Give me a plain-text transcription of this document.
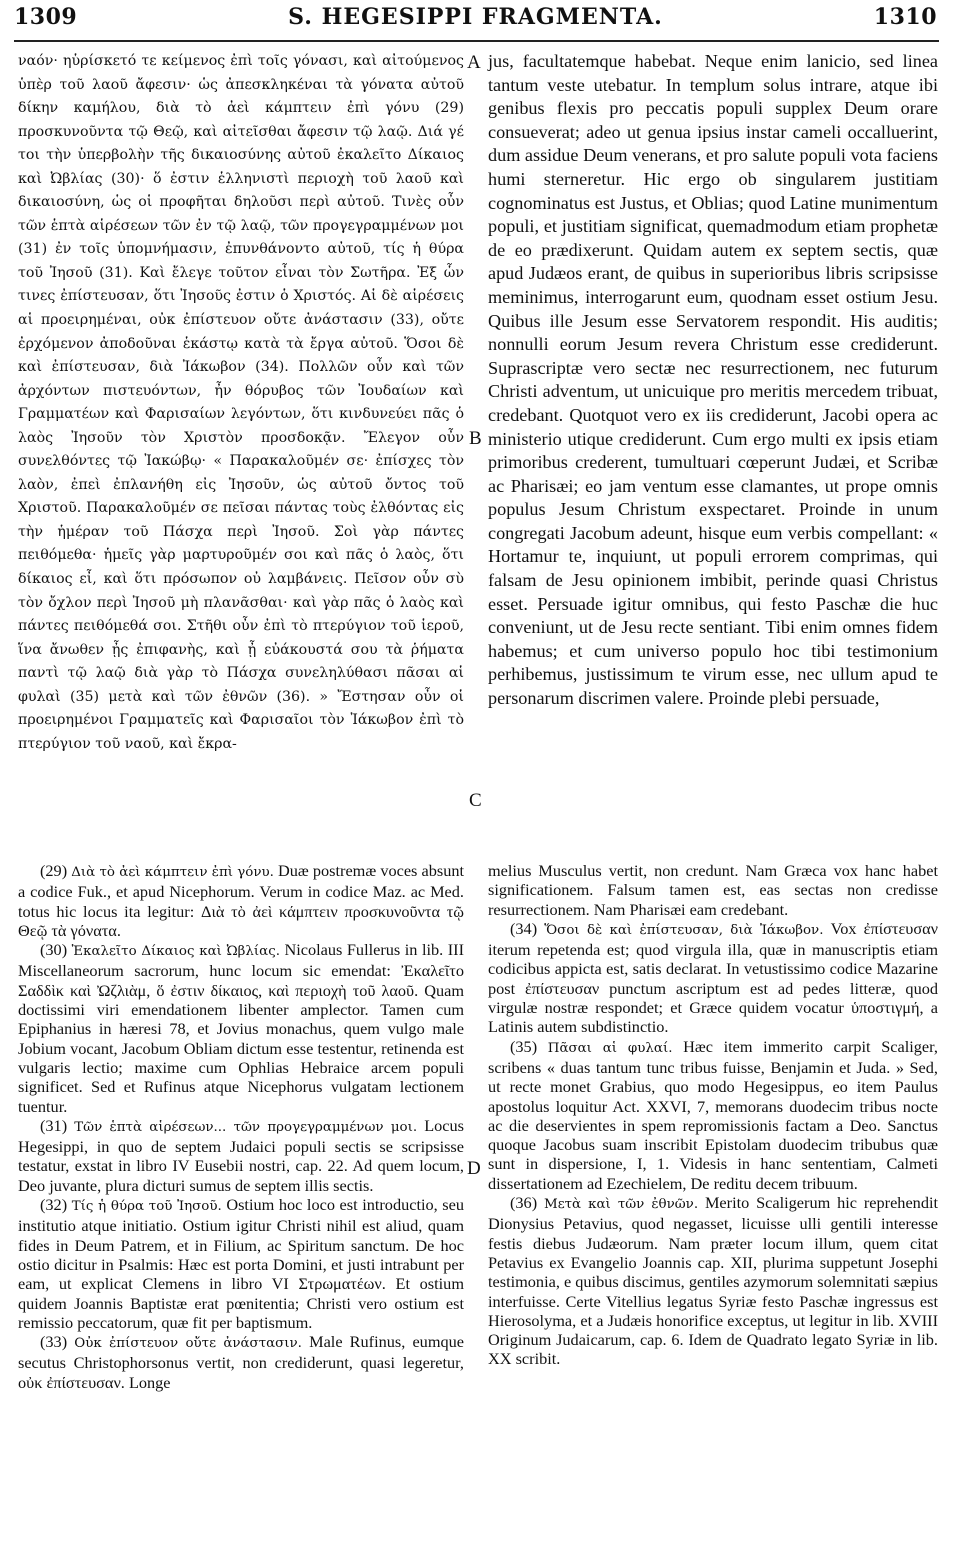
1309	S. HEGESIPPI FRAGMENTA.	1310

ναόν· ηὑρίσκετό τε κείμενος ἐπὶ τοῖς γόνασι, καὶ αἰτούμενος ὑπὲρ τοῦ λαοῦ ἄφεσιν· ὡς ἀπεσκληκέναι τὰ γόνατα αὐτοῦ δίκην καμήλου, διὰ τὸ ἀεὶ κάμπτειν ἐπὶ γόνυ (29) προσκυνοῦντα τῷ Θεῷ, καὶ αἰτεῖσθαι ἄφεσιν τῷ λαῷ. Διά γέ τοι τὴν ὑπερβολὴν τῆς δικαιοσύνης αὐτοῦ ἐκαλεῖτο Δίκαιος καὶ Ὠβλίας (30)· ὅ ἐστιν ἑλληνιστὶ περιοχὴ τοῦ λαοῦ καὶ δικαιοσύνη, ὡς οἱ προφῆται δηλοῦσι περὶ αὐτοῦ. Τινὲς οὖν τῶν ἑπτὰ αἱρέσεων τῶν ἐν τῷ λαῷ, τῶν προγεγραμμένων μοι (31) ἐν τοῖς ὑπομνήμασιν, ἐπυνθάνοντο αὐτοῦ, τίς ἡ θύρα τοῦ Ἰησοῦ (31). Καὶ ἔλεγε τοῦτον εἶναι τὸν Σωτῆρα. Ἐξ ὧν τινες ἐπίστευσαν, ὅτι Ἰησοῦς ἐστιν ὁ Χριστός. Αἱ δὲ αἱρέσεις αἱ προειρημέναι, οὐκ ἐπίστευον οὔτε ἀνάστασιν (33), οὔτε ἐρχόμενον ἀποδοῦναι ἑκάστῳ κατὰ τὰ ἔργα αὐτοῦ. Ὅσοι δὲ καὶ ἐπίστευσαν, διὰ Ἰάκωβον (34). Πολλῶν οὖν καὶ τῶν ἀρχόντων πιστευόντων, ἦν θόρυβος τῶν Ἰουδαίων καὶ Γραμματέων καὶ Φαρισαίων λεγόντων, ὅτι κινδυνεύει πᾶς ὁ λαὸς Ἰησοῦν τὸν Χριστὸν προσδοκᾷν. Ἔλεγον οὖν συνελθόντες τῷ Ἰακώβῳ· « Παρακαλοῦμέν σε· ἐπίσχες τὸν λαὸν, ἐπεὶ ἐπλανήθη εἰς Ἰησοῦν, ὡς αὐτοῦ ὄντος τοῦ Χριστοῦ. Παρακαλοῦμέν σε πεῖσαι πάντας τοὺς ἐλθόντας εἰς τὴν ἡμέραν τοῦ Πάσχα περὶ Ἰησοῦ. Σοὶ γὰρ πάντες πειθόμεθα· ἡμεῖς γὰρ μαρτυροῦμέν σοι καὶ πᾶς ὁ λαὸς, ὅτι δίκαιος εἶ, καὶ ὅτι πρόσωπον οὐ λαμβάνεις. Πεῖσον οὖν σὺ τὸν ὄχλον περὶ Ἰησοῦ μὴ πλανᾶσθαι· καὶ γὰρ πᾶς ὁ λαὸς καὶ πάντες πειθόμεθά σοι. Στῆθι οὖν ἐπὶ τὸ πτερύγιον τοῦ ἱεροῦ, ἵνα ἄνωθεν ᾖς ἐπιφανὴς, καὶ ᾖ εὐάκουστά σου τὰ ῥήματα παντὶ τῷ λαῷ διὰ γὰρ τὸ Πάσχα συνεληλύθασι πᾶσαι αἱ φυλαὶ (35) μετὰ καὶ τῶν ἐθνῶν (36). » Ἔστησαν οὖν οἱ προειρημένοι Γραμματεῖς καὶ Φαρισαῖοι τὸν Ἰάκωβον ἐπὶ τὸ πτερύγιον τοῦ ναοῦ, καὶ ἔκρα-

jus, facultatemque habebat. Neque enim lanicio, sed linea tantum veste utebatur. In templum solus intrare, atque ibi genibus flexis pro peccatis populi supplex Deum orare consueverat; adeo ut genua ipsius instar cameli occalluerint, dum assidue Deum venerans, et pro salute populi vota faciens humi sterneretur. Hic ergo ob singularem justitiam cognominatus est Justus, et Oblias; quod Latine munimentum populi, et justitiam significat, quemadmodum etiam prophetæ de eo prædixerunt. Quidam autem ex septem sectis, quæ apud Judæos erant, de quibus in superioribus libris scripsisse meminimus, interrogarunt eum, quodnam esset ostium Jesu. Quibus ille Jesum esse Servatorem respondit. His auditis; nonnulli eorum Jesum revera Christum esse crediderunt. Suprascriptæ vero sectæ nec resurrectionem, nec futurum Christi adventum, ut unicuique pro meritis mercedem tribuat, credebant. Quotquot vero ex iis crediderunt, Jacobi opera ac ministerio utique crediderunt. Cum ergo multi ex ipsis etiam primoribus crederent, tumultuari cœperunt Judæi, et Scribæ ac Pharisæi; eo jam ventum esse clamantes, ut prope omnis populus Jesum Christum exspectaret. Proinde in unum congregati Jacobum adeunt, hisque eum verbis compellant: « Hortamur te, inquiunt, ut populi errorem comprimas, qui falsam de Jesu opinionem imbibit, perinde quasi Christus esset. Persuade igitur omnibus, qui festo Paschæ die huc conveniunt, ut de Jesu recte sentiant. Tibi enim omnes fidem habemus; et cum universo populo hoc tibi testimonium perhibemus, justissimum te virum esse, nec ullum apud te personarum discrimen valere. Proinde plebi persuade,

A
B
C
D

(29) Διὰ τὸ ἀεὶ κάμπτειν ἐπὶ γόνυ. Duæ postremæ voces absunt a codice Fuk., et apud Nicephorum. Verum in codice Maz. ac Med. totus hic locus ita legitur: Διὰ τὸ ἀεὶ κάμπτειν προσκυνοῦντα τῷ Θεῷ τὰ γόνατα.

(30) Ἐκαλεῖτο Δίκαιος καὶ Ὠβλίας. Nicolaus Fullerus in lib. III Miscellaneorum sacrorum, hunc locum sic emendat: Ἐκαλεῖτο Σαδδὶκ καὶ Ὠζλιὰμ, ὅ ἐστιν δίκαιος, καὶ περιοχὴ τοῦ λαοῦ. Quam doctissimi viri emendationem libenter amplector. Tamen cum Epiphanius in hæresi 78, et Jovius monachus, quem vulgo male Jobium vocant, Jacobum Obliam dictum esse testentur, retinenda est vulgaris lectio; maxime cum Ophlias Hebraice arcem populi significet. Sed et Rufinus atque Nicephorus vulgatam lectionem tuentur.

(31) Τῶν ἑπτὰ αἱρέσεων... τῶν προγεγραμμένων μοι. Locus Hegesippi, in quo de septem Judaici populi sectis se scripsisse testatur, exstat in libro IV Eusebii nostri, cap. 22. Ad quem locum, Deo juvante, plura dicturi sumus de septem illis sectis.

(32) Τίς ἡ θύρα τοῦ Ἰησοῦ. Ostium hoc loco est introductio, seu institutio atque initiatio. Ostium igitur Christi nihil est aliud, quam fides in Deum Patrem, et in Filium, ac Spiritum sanctum. De hoc ostio dicitur in Psalmis: Hæc est porta Domini, et justi intrabunt per eam, ut explicat Clemens in libro VI Στρωματέων. Et ostium quidem Joannis Baptistæ erat pœnitentia; Christi vero ostium est remissio peccatorum, quæ fit per baptismum.

(33) Οὐκ ἐπίστευον οὔτε ἀνάστασιν. Male Rufinus, eumque secutus Christophorsonus vertit, non crediderunt, quasi legeretur, οὐκ ἐπίστευσαν. Longe

melius Musculus vertit, non credunt. Nam Græca vox hanc habet significationem. Falsum tamen est, eas sectas non credisse resurrectionem. Nam Pharisæi eam credebant.

(34) Ὅσοι δὲ καὶ ἐπίστευσαν, διὰ Ἰάκωβον. Vox ἐπίστευσαν iterum repetenda est; quod virgula illa, quæ in manuscriptis etiam codicibus appicta est, satis declarat. In vetustissimo codice Mazarine post ἐπίστευσαν punctum ascriptum est ad pedes litteræ, quod virgulæ nostræ respondet; et Græce quidem vocatur ὑποστιγμή, a Latinis autem subdistinctio.

(35) Πᾶσαι αἱ φυλαί. Hæc item immerito carpit Scaliger, scribens « duas tantum tunc tribus fuisse, Benjamin et Juda. » Sed, ut recte monet Grabius, quo modo Hegesippus, eo item Paulus apostolus loquitur Act. XXVI, 7, memorans duodecim tribus nocte ac die deservientes in spem repromissionis factam a Deo. Sanctus quoque Jacobus suam inscribit Epistolam duodecim tribubus quæ sunt in dispersione, I, 1. Videsis in hanc sententiam, Calmeti dissertationem ad Ezechielem, De reditu decem tribuum.

(36) Μετὰ καὶ τῶν ἐθνῶν. Merito Scaligerum hic reprehendit Dionysius Petavius, quod negasset, licuisse ulli gentili interesse festis diebus Judæorum. Nam præter locum illum, quem citat Petavius ex Evangelio Joannis cap. XII, plurima suppetunt Josephi testimonia, e quibus discimus, gentiles azymorum solemnitati sæpius interfuisse. Certe Vitellius legatus Syriæ festo Paschæ ingressus est Hierosolyma, et a Judæis honorifice exceptus, ut legitur in lib. XVIII Originum Judaicarum, cap. 6. Idem de Quadrato legato Syriæ in lib. XX scribit.
